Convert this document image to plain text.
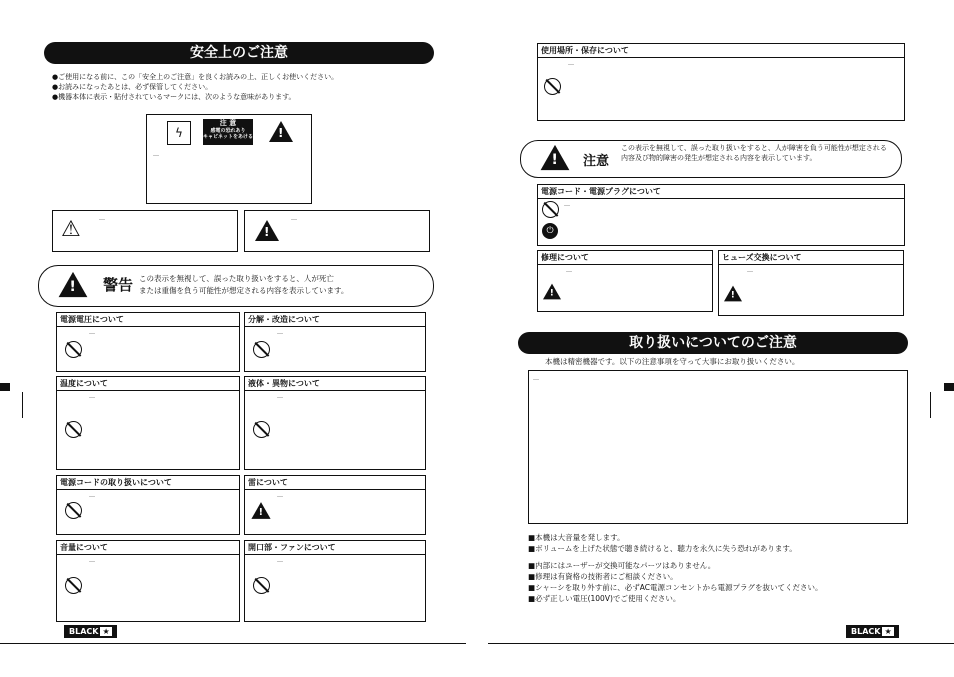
安全上のご注意
●ご使用になる前に、この「安全上のご注意」を良くお読みの上、正しくお使いください。
●お読みになったあとは、必ず保管してください。
●機器本体に表示・貼付されているマークには、次のような意味があります。
ϟ
注 意
感電の恐れあり
キャビネットをあけるな
!
…
⚠	…
!	…
!
警告 この表示を無視して、誤った取り扱いをすると、人が死亡
または重傷を負う可能性が想定される内容を表示しています。
電源電圧について
…
分解・改造について
…
温度について
…
液体・異物について
…
電源コードの取り扱いについて
…
雷について
!
…
音量について
…
開口部・ファンについて
…
BLACK ★
使用場所・保存について
…
!
注意
この表示を無視して、誤った取り扱いをすると、人が障害を負う可能性が想定される内容及び物的障害の発生が想定される内容を表示しています。
電源コード・電源プラグについて
⏻
…
修理について
!
…
ヒューズ交換について
!
…
取り扱いについてのご注意
本機は精密機器です。以下の注意事項を守って大事にお取り扱いください。
…
■本機は大音量を発します。
■ボリュームを上げた状態で聴き続けると、聴力を永久に失う恐れがあります。
■内部にはユーザーが交換可能なパーツはありません。
■修理は有資格の技術者にご相談ください。
■シャーシを取り外す前に、必ずAC電源コンセントから電源プラグを抜いてください。
■必ず正しい電圧(100V)でご使用ください。
BLACK ★
